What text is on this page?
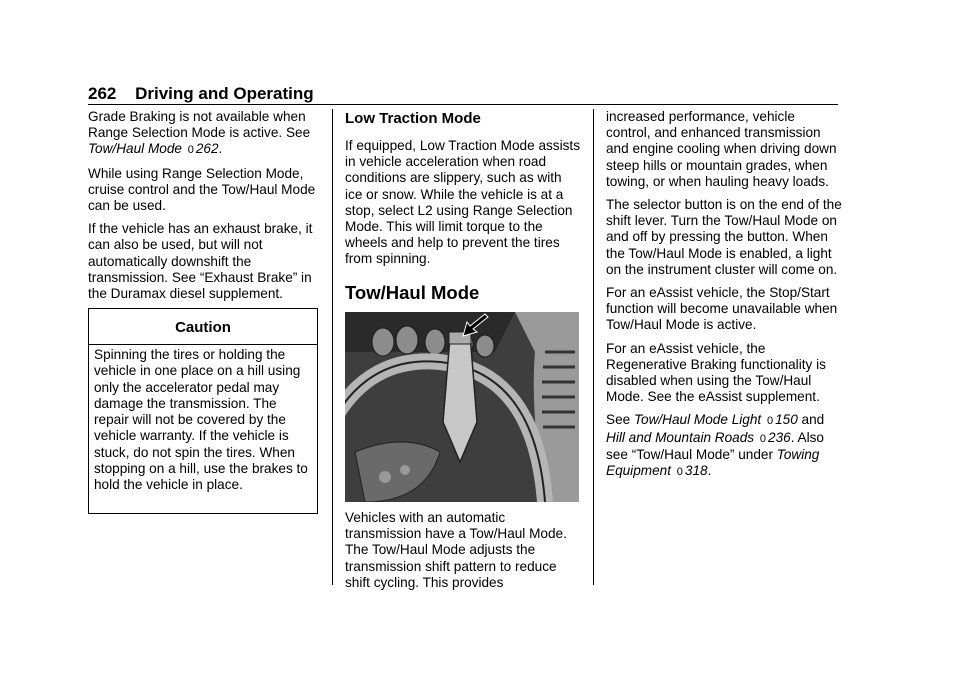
262 Driving and Operating

Grade Braking is not available when Range Selection Mode is active. See Tow/Haul Mode 0 262.

While using Range Selection Mode, cruise control and the Tow/Haul Mode can be used.

If the vehicle has an exhaust brake, it can also be used, but will not automatically downshift the transmission. See “Exhaust Brake” in the Duramax diesel supplement.

Caution
Spinning the tires or holding the vehicle in one place on a hill using only the accelerator pedal may damage the transmission. The repair will not be covered by the vehicle warranty. If the vehicle is stuck, do not spin the tires. When stopping on a hill, use the brakes to hold the vehicle in place.
Low Traction Mode

If equipped, Low Traction Mode assists in vehicle acceleration when road conditions are slippery, such as with ice or snow. While the vehicle is at a stop, select L2 using Range Selection Mode. This will limit torque to the wheels and help to prevent the tires from spinning.

Tow/Haul Mode
Vehicles with an automatic transmission have a Tow/Haul Mode. The Tow/Haul Mode adjusts the transmission shift pattern to reduce shift cycling. This provides

increased performance, vehicle control, and enhanced transmission and engine cooling when driving down steep hills or mountain grades, when towing, or when hauling heavy loads.

The selector button is on the end of the shift lever. Turn the Tow/Haul Mode on and off by pressing the button. When the Tow/Haul Mode is enabled, a light on the instrument cluster will come on.

For an eAssist vehicle, the Stop/Start function will become unavailable when Tow/Haul Mode is active.

For an eAssist vehicle, the Regenerative Braking functionality is disabled when using the Tow/Haul Mode. See the eAssist supplement.

See Tow/Haul Mode Light 0 150 and
Hill and Mountain Roads 0 236. Also see “Tow/Haul Mode” under Towing Equipment 0 318.
